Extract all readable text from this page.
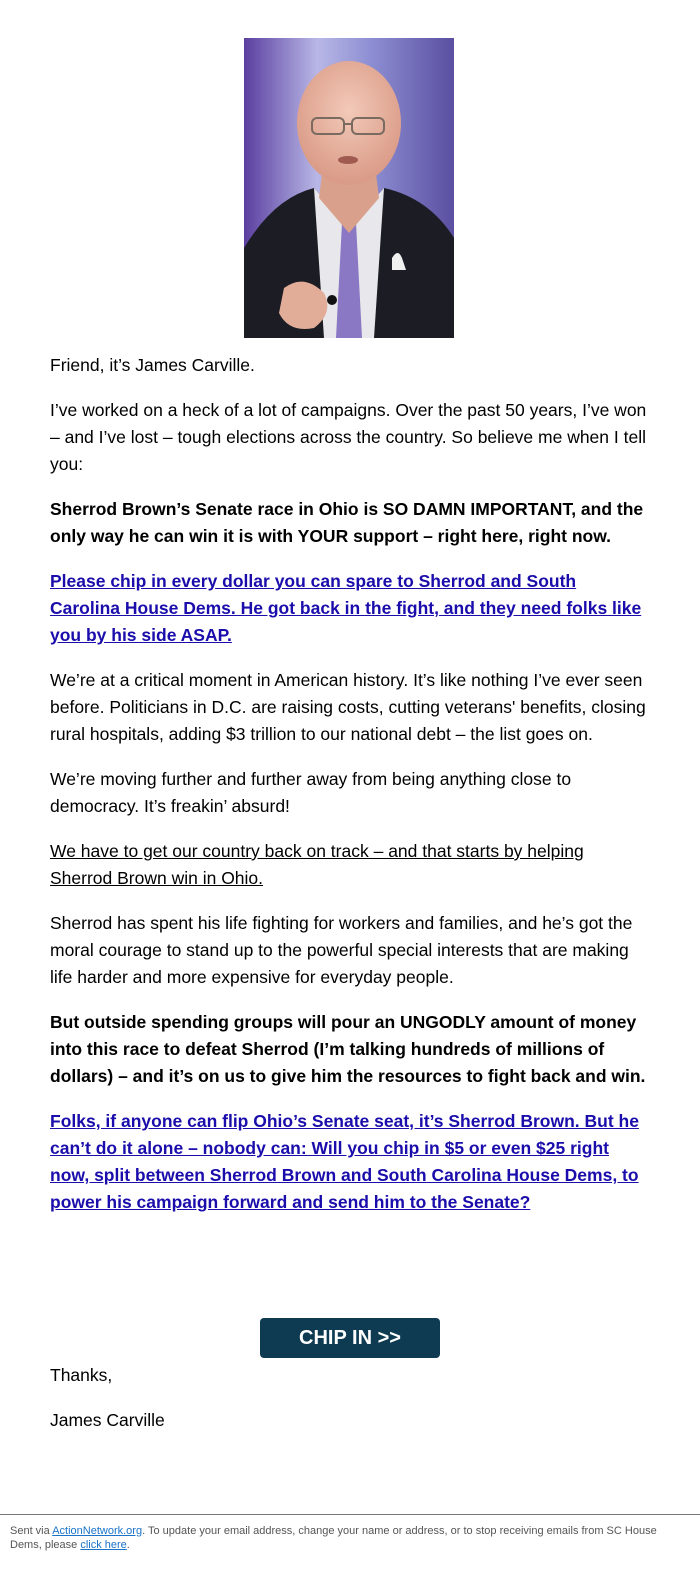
Friend, it’s James Carville.

I’ve worked on a heck of a lot of campaigns. Over the past 50 years, I’ve won – and I’ve lost – tough elections across the country. So believe me when I tell you:

Sherrod Brown’s Senate race in Ohio is SO DAMN IMPORTANT, and the only way he can win it is with YOUR support – right here, right now.

Please chip in every dollar you can spare to Sherrod and South Carolina House Dems. He got back in the fight, and they need folks like you by his side ASAP.

We’re at a critical moment in American history. It’s like nothing I’ve ever seen before. Politicians in D.C. are raising costs, cutting veterans' benefits, closing rural hospitals, adding $3 trillion to our national debt – the list goes on.

We’re moving further and further away from being anything close to democracy. It’s freakin’ absurd!

We have to get our country back on track – and that starts by helping Sherrod Brown win in Ohio.

Sherrod has spent his life fighting for workers and families, and he’s got the moral courage to stand up to the powerful special interests that are making life harder and more expensive for everyday people.

But outside spending groups will pour an UNGODLY amount of money into this race to defeat Sherrod (I’m talking hundreds of millions of dollars) – and it’s on us to give him the resources to fight back and win.

Folks, if anyone can flip Ohio’s Senate seat, it’s Sherrod Brown. But he can’t do it alone – nobody can: Will you chip in $5 or even $25 right now, split between Sherrod Brown and South Carolina House Dems, to power his campaign forward and send him to the Senate?

CHIP IN >>

Thanks,

James Carville

Sent via ActionNetwork.org. To update your email address, change your name or address, or to stop receiving emails from SC House Dems, please click here.
